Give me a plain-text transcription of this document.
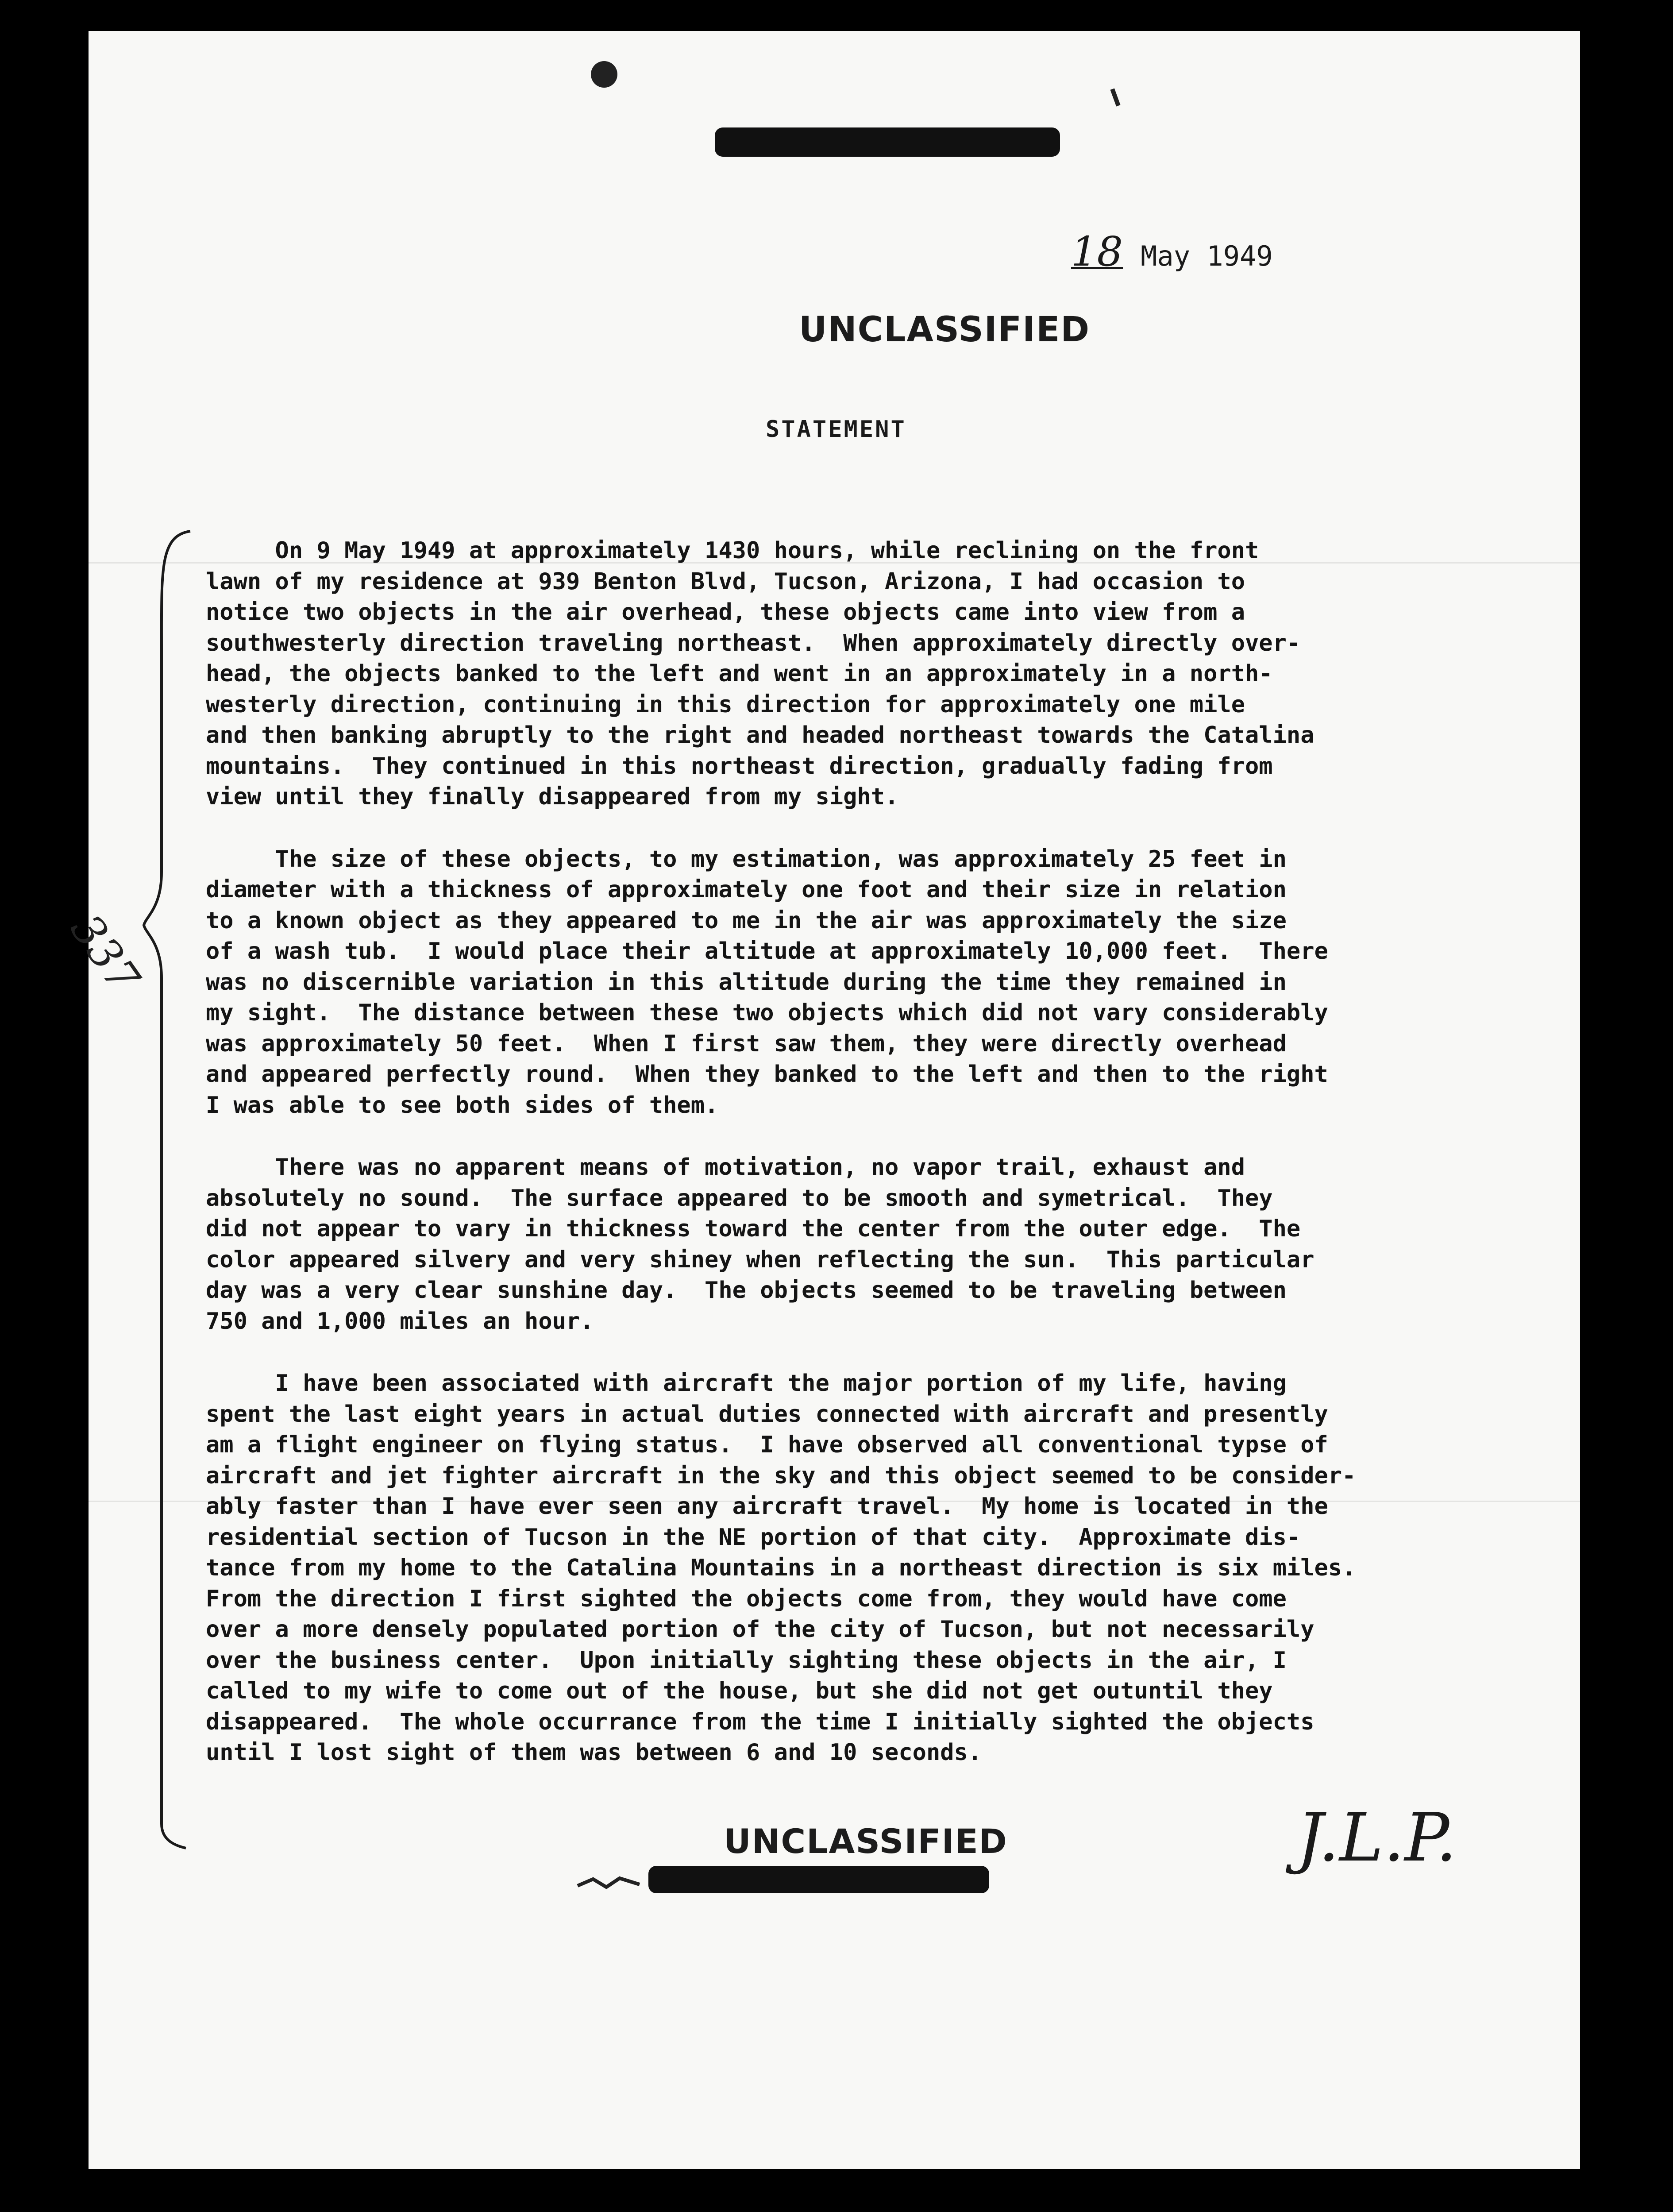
18 May 1949
UNCLASSIFIED
STATEMENT
337
On 9 May 1949 at approximately 1430 hours, while reclining on the front
lawn of my residence at 939 Benton Blvd, Tucson, Arizona, I had occasion to
notice two objects in the air overhead, these objects came into view from a
southwesterly direction traveling northeast.  When approximately directly over-
head, the objects banked to the left and went in an approximately in a north-
westerly direction, continuing in this direction for approximately one mile
and then banking abruptly to the right and headed northeast towards the Catalina
mountains.  They continued in this northeast direction, gradually fading from
view until they finally disappeared from my sight.
The size of these objects, to my estimation, was approximately 25 feet in
diameter with a thickness of approximately one foot and their size in relation
to a known object as they appeared to me in the air was approximately the size
of a wash tub.  I would place their altitude at approximately 10,000 feet.  There
was no discernible variation in this altitude during the time they remained in
my sight.  The distance between these two objects which did not vary considerably
was approximately 50 feet.  When I first saw them, they were directly overhead
and appeared perfectly round.  When they banked to the left and then to the right
I was able to see both sides of them.
There was no apparent means of motivation, no vapor trail, exhaust and
absolutely no sound.  The surface appeared to be smooth and symetrical.  They
did not appear to vary in thickness toward the center from the outer edge.  The
color appeared silvery and very shiney when reflecting the sun.  This particular
day was a very clear sunshine day.  The objects seemed to be traveling between
750 and 1,000 miles an hour.
I have been associated with aircraft the major portion of my life, having
spent the last eight years in actual duties connected with aircraft and presently
am a flight engineer on flying status.  I have observed all conventional typse of
aircraft and jet fighter aircraft in the sky and this object seemed to be consider-
ably faster than I have ever seen any aircraft travel.  My home is located in the
residential section of Tucson in the NE portion of that city.  Approximate dis-
tance from my home to the Catalina Mountains in a northeast direction is six miles.
From the direction I first sighted the objects come from, they would have come
over a more densely populated portion of the city of Tucson, but not necessarily
over the business center.  Upon initially sighting these objects in the air, I
called to my wife to come out of the house, but she did not get outuntil they
disappeared.  The whole occurrance from the time I initially sighted the objects
until I lost sight of them was between 6 and 10 seconds.
UNCLASSIFIED	J.L.P.
